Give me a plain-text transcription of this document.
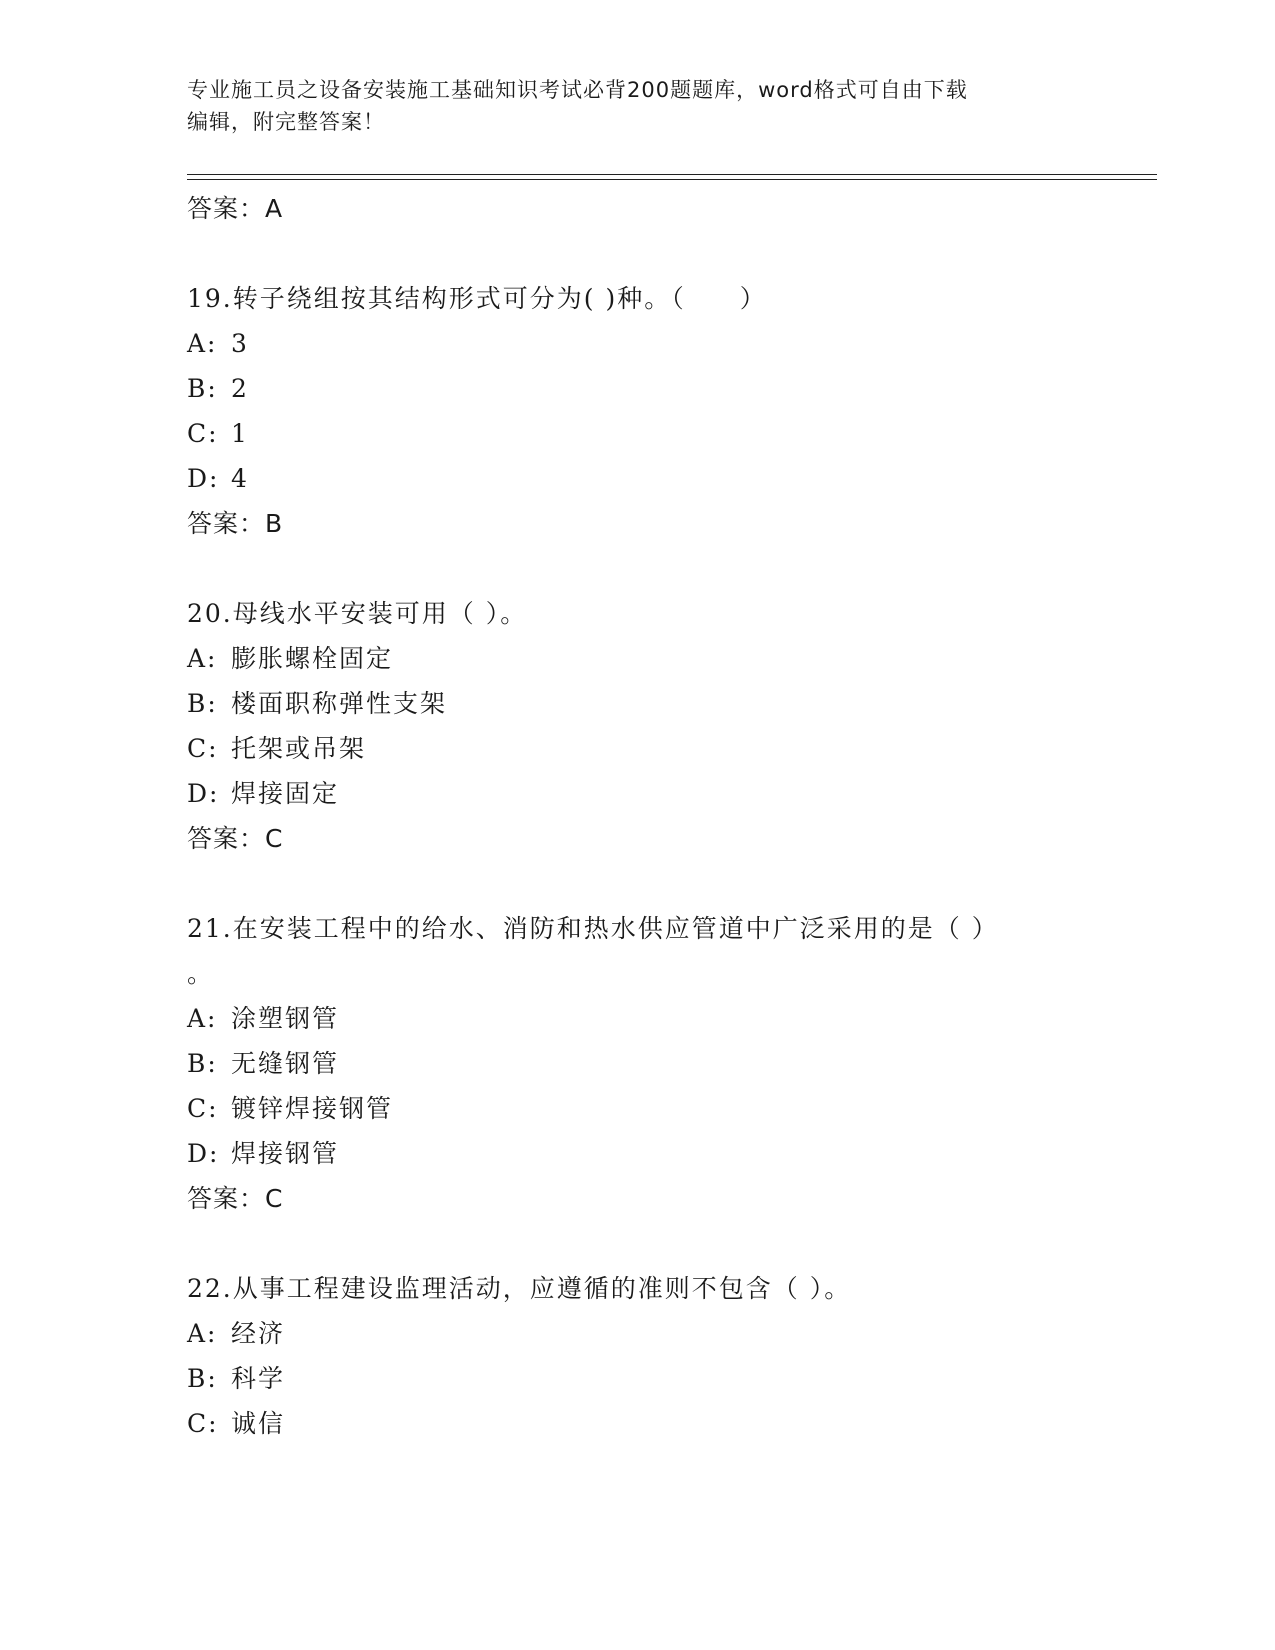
专业施工员之设备安装施工基础知识考试必背200题题库，word格式可自由下载
编辑，附完整答案！
答案：A
19.转子绕组按其结构形式可分为( )种。（　　）
A: 3
B: 2
C: 1
D: 4
答案：B
20.母线水平安装可用（ ）。
A: 膨胀螺栓固定
B: 楼面职称弹性支架
C: 托架或吊架
D: 焊接固定
答案：C
21.在安装工程中的给水、消防和热水供应管道中广泛采用的是（ ）
。
A: 涂塑钢管
B: 无缝钢管
C: 镀锌焊接钢管
D: 焊接钢管
答案：C
22.从事工程建设监理活动，应遵循的准则不包含（ ）。
A: 经济
B: 科学
C: 诚信
